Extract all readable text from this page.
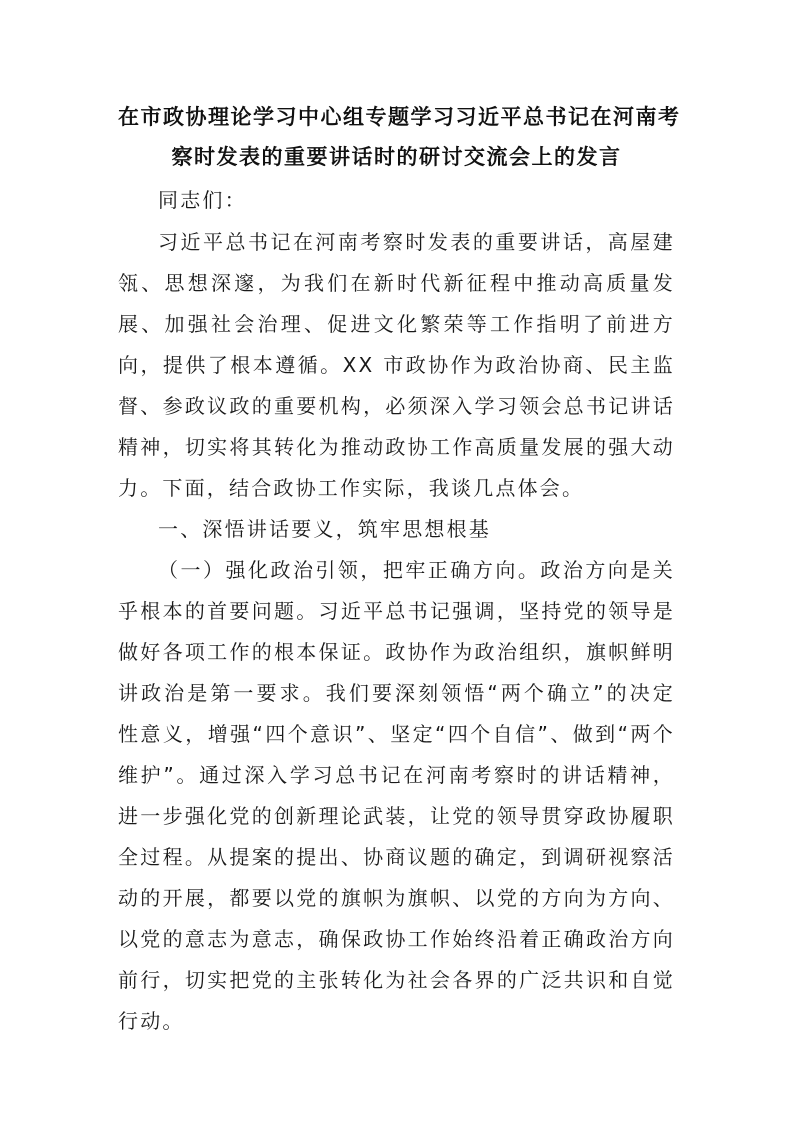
在市政协理论学习中心组专题学习习近平总书记在河南考
察时发表的重要讲话时的研讨交流会上的发言

同志们：

习近平总书记在河南考察时发表的重要讲话，高屋建瓴、思想深邃，为我们在新时代新征程中推动高质量发展、加强社会治理、促进文化繁荣等工作指明了前进方向，提供了根本遵循。XX 市政协作为政治协商、民主监督、参政议政的重要机构，必须深入学习领会总书记讲话精神，切实将其转化为推动政协工作高质量发展的强大动力。下面，结合政协工作实际，我谈几点体会。

一、深悟讲话要义，筑牢思想根基

（一）强化政治引领，把牢正确方向。政治方向是关乎根本的首要问题。习近平总书记强调，坚持党的领导是做好各项工作的根本保证。政协作为政治组织，旗帜鲜明讲政治是第一要求。我们要深刻领悟“两个确立”的决定性意义，增强“四个意识”、坚定“四个自信”、做到“两个维护”。通过深入学习总书记在河南考察时的讲话精神，进一步强化党的创新理论武装，让党的领导贯穿政协履职全过程。从提案的提出、协商议题的确定，到调研视察活动的开展，都要以党的旗帜为旗帜、以党的方向为方向、以党的意志为意志，确保政协工作始终沿着正确政治方向前行，切实把党的主张转化为社会各界的广泛共识和自觉行动。
